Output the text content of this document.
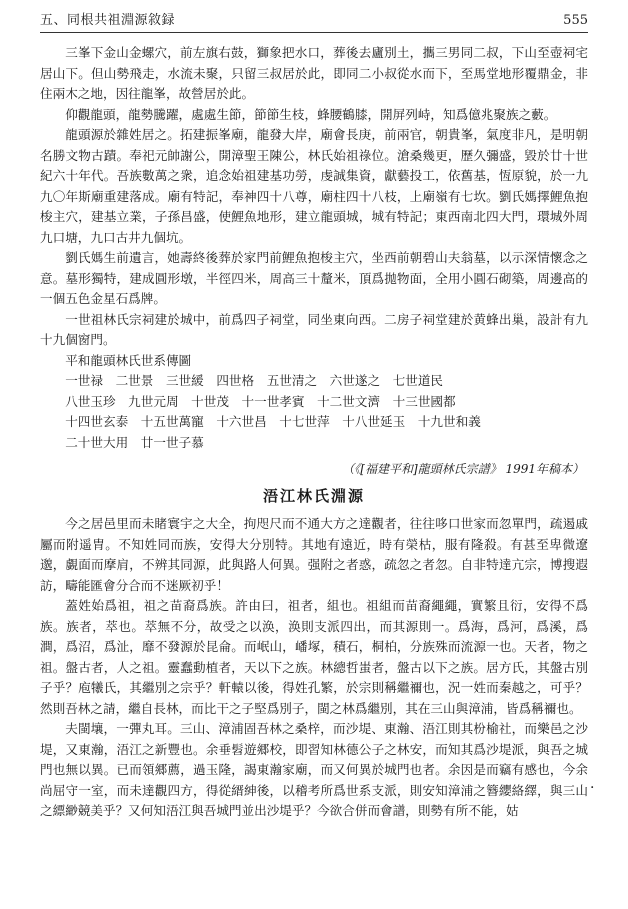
五、同根共祖淵源敘録	555

三峯下金山金螺穴，前左旗右鼓，獅象把水口，葬後去廬別土，攜三男同二叔，下山至壺祠宅居山下。但山勢飛走，水流未聚，只留三叔居於此，即同二小叔從水而下，至馬堂地形覆鼎金，非住兩木之地，因往龍峯，故營居於此。

仰觀龍頭，龍勢騰躍，處處生節，節節生枝，蜂腰鶴膝，開屏列峙，知爲億兆聚族之藪。

龍頭源於雜姓居之。拓建振峯廟，龍發大岸，廟會長庚，前兩官，朝貴峯，氣度非凡，是明朝名勝文物古蹟。奉祀元帥謝公，開漳聖王陳公，林氏始祖祿位。滄桑幾更，歷久彌盛，毀於廿十世紀六十年代。吾族數萬之衆，追念始祖建基功勞，虔誠集資，獻藝投工，依舊基，恆原貌，於一九九〇年斯廟重建落成。廟有特記，奉神四十八尊，廟柱四十八枝，上廟嶺有七坎。劉氏媽擇鯉魚抱梭主穴，建基立業，子孫昌盛，使鯉魚地形，建立龍頭城，城有特記；東西南北四大門，環城外周九口塘，九口古井九個坑。

劉氏媽生前遺言，她壽終後葬於家門前鯉魚抱梭主穴，坐西前朝碧山夫翁墓，以示深情懷念之意。墓形獨特，建成圓形墩，半徑四米，周高三十釐米，頂爲拋物面，全用小圓石砌築，周邊高的一個五色金星石爲牌。

一世祖林氏宗祠建於城中，前爲四子祠堂，同坐東向西。二房子祠堂建於黄蜂出巢，設計有九十九個窗門。

平和龍頭林氏世系傳圖

一世禄　二世景　三世緩　四世格　五世清之　六世遂之　七世道民

八世玉珍　九世元周　十世茂　十一世孝賓　十二世文濟　十三世國都

十四世玄泰　十五世萬寵　十六世昌　十七世萍　十八世延玉　十九世和義

二十世大用　廿一世子慕

（《[福建平和]龍頭林氏宗譜》 1991年稿本）

浯江林氏淵源

今之居邑里而未睹寰宇之大全，拘咫尺而不通大方之達觀者，往往哆口世家而忽單門，疏遏戚屬而附遥胄。不知姓同而族，安得大分別特。其地有遠近，時有榮枯，服有隆殺。有甚至卑微遼邈，覷面而摩肩，不辨其同源，此與路人何異。强附之者惑，疏忽之者忽。自非特達亢宗，博搜遐訪，疇能匯會分合而不迷厥初乎！

蓋姓始爲祖，祖之苗裔爲族。許由曰，祖者，組也。祖組而苗裔繩繩，實繁且衍，安得不爲族。族者，萃也。萃無不分，故受之以涣，涣則支派四出，而其源則一。爲海，爲河，爲溪，爲澗，爲沼，爲沚，靡不發源於昆侖。而岷山，嶓塚，積石，桐柏，分族殊而流源一也。天者，物之祖。盤古者，人之祖。靈蠢動植者，天以下之族。林總哲蚩者，盤古以下之族。居方氏，其盤古別子乎？庖犧氏，其繼別之宗乎？軒轅以後，得姓孔繁，於宗則稱繼禰也，況一姓而秦越之，可乎？然則吾林之請，繼自長林，而比干之子堅爲別子，閩之林爲繼別，其在三山與漳浦，皆爲稱禰也。

夫閩壤，一彈丸耳。三山、漳浦固吾林之桑梓，而沙堤、東瀚、浯江則其枌榆社，而樂邑之沙堤，又東瀚，浯江之新豐也。余垂髫遊郷校，即習知林德公子之林安，而知其爲沙堤派，與吾之城門也無以異。已而領郷薦，過玉隆，謁東瀚家廟，而又何異於城門也者。余因是而竊有感也，今余尚屈守一室，而未達觀四方，得從縉紳後，以稽考所爲世系支派，則安知漳浦之簪纓絡繹，與三山之縹緲競美乎？又何知浯江與吾城門並出沙堤乎？今欲合併而會譜，則勢有所不能，姑

·
